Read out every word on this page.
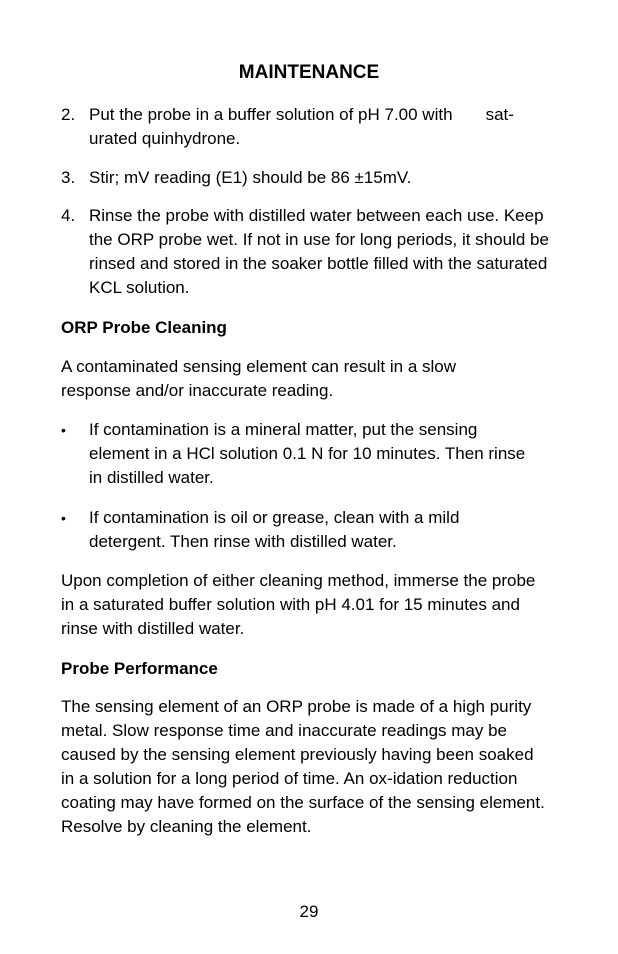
MAINTENANCE
2. Put the probe in a buffer solution of pH 7.00 with       sat-
urated quinhydrone.
3. Stir; mV reading (E1) should be 86 ±15mV.
4. Rinse the probe with distilled water between each use. Keep the ORP probe wet. If not in use for long periods, it should be rinsed and stored in the soaker bottle filled with the saturated KCL solution.
ORP Probe Cleaning
A contaminated sensing element can result in a slow response and/or inaccurate reading.
•	If contamination is a mineral matter, put the sensing element in a HCl solution 0.1 N for 10 minutes. Then rinse in distilled water.
•	If contamination is oil or grease, clean with a mild detergent. Then rinse with distilled water.
Upon completion of either cleaning method, immerse the probe in a saturated buffer solution with pH 4.01 for 15 minutes and rinse with distilled water.
Probe Performance
The sensing element of an ORP probe is made of a high purity metal. Slow response time and inaccurate readings may be caused by the sensing element previously having been soaked in a solution for a long period of time. An ox-idation reduction coating may have formed on the surface of the sensing element. Resolve by cleaning the element.
29
